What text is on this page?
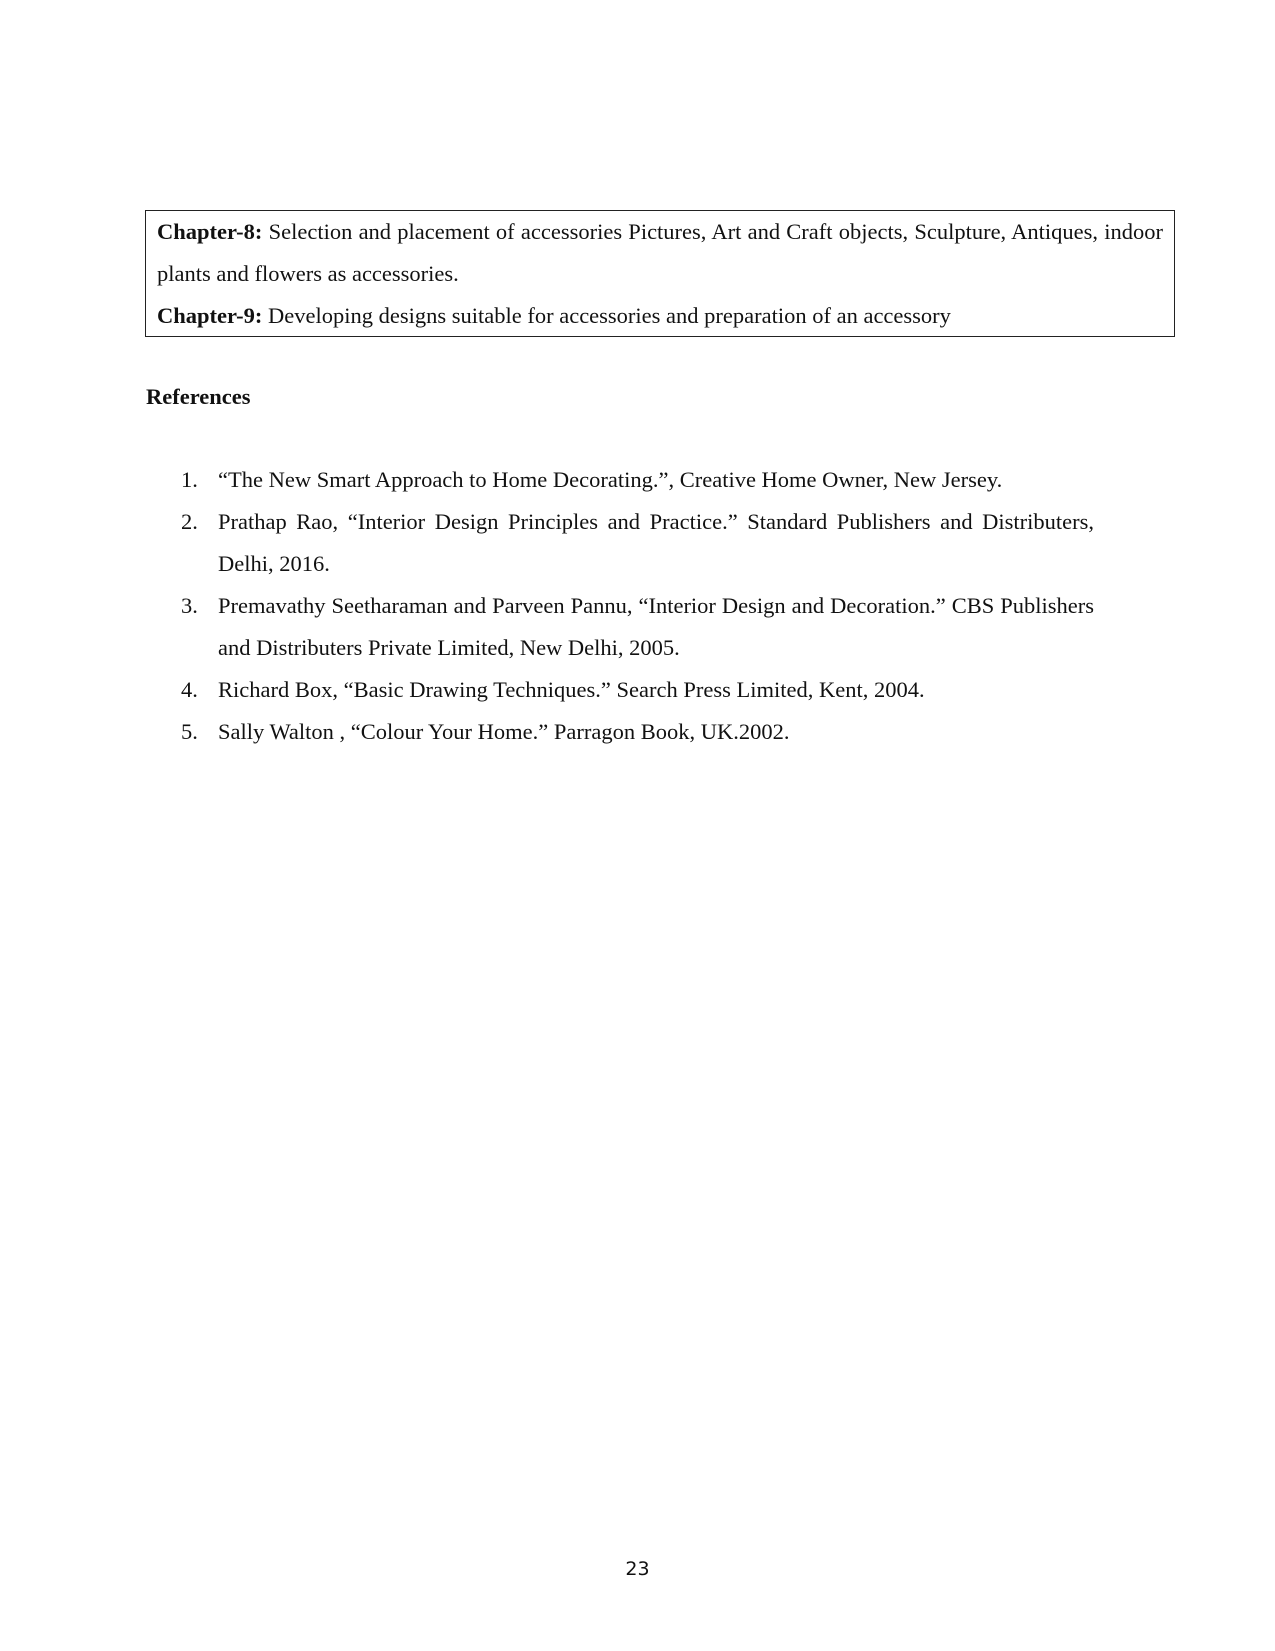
Chapter-8: Selection and placement of accessories Pictures, Art and Craft objects, Sculpture, Antiques, indoor plants and flowers as accessories.

Chapter-9: Developing designs suitable for accessories and preparation of an accessory

References
1. “The New Smart Approach to Home Decorating.”, Creative Home Owner, New Jersey.
2. Prathap Rao, “Interior Design Principles and Practice.” Standard Publishers and Distributers, Delhi, 2016.
3. Premavathy Seetharaman and Parveen Pannu, “Interior Design and Decoration.” CBS Publishers and Distributers Private Limited, New Delhi, 2005.
4. Richard Box, “Basic Drawing Techniques.” Search Press Limited, Kent, 2004.
5. Sally Walton , “Colour Your Home.” Parragon Book, UK.2002.
23
